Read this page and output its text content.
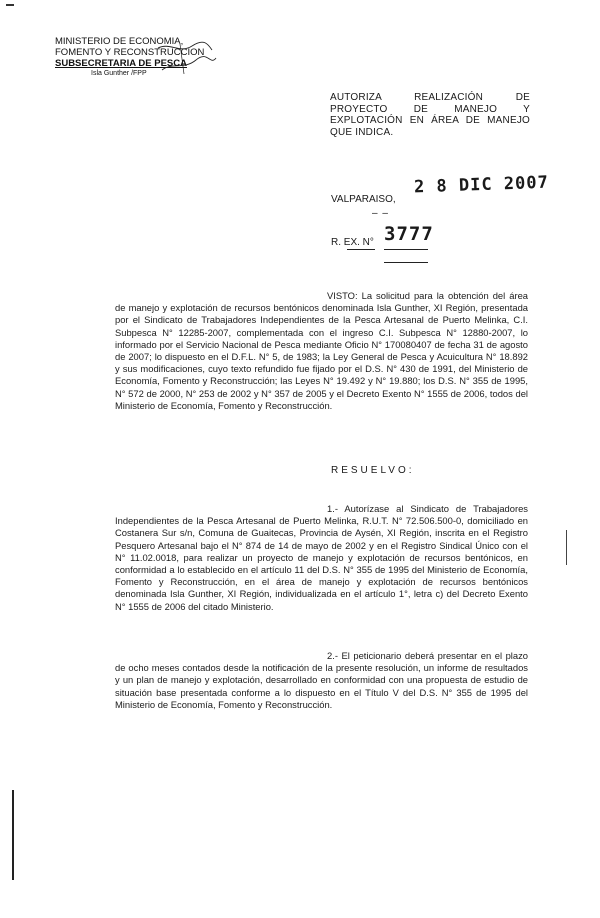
MINISTERIO DE ECONOMIA,
FOMENTO Y RECONSTRUCCION
SUBSECRETARIA DE PESCA
Isla Gunther /FPP
AUTORIZA REALIZACIÓN DE PROYECTO DE MANEJO Y EXPLOTACIÓN EN ÁREA DE MANEJO QUE INDICA.
VALPARAISO,
2 8 DIC 2007
– –
R. EX. N° 3777
VISTO: La solicitud para la obtención del área de manejo y explotación de recursos bentónicos denominada Isla Gunther, XI Región, presentada por el Sindicato de Trabajadores Independientes de la Pesca Artesanal de Puerto Melinka, C.I. Subpesca N° 12285-2007, complementada con el ingreso C.I. Subpesca N° 12880-2007, lo informado por el Servicio Nacional de Pesca mediante Oficio N° 170080407 de fecha 31 de agosto de 2007; lo dispuesto en el D.F.L. N° 5, de 1983; la Ley General de Pesca y Acuicultura N° 18.892 y sus modificaciones, cuyo texto refundido fue fijado por el D.S. N° 430 de 1991, del Ministerio de Economía, Fomento y Reconstrucción; las Leyes N° 19.492 y N° 19.880; los D.S. N° 355 de 1995, N° 572 de 2000, N° 253 de 2002 y N° 357 de 2005 y el Decreto Exento N° 1555 de 2006, todos del Ministerio de Economía, Fomento y Reconstrucción.
RESUELVO:
1.- Autorízase al Sindicato de Trabajadores Independientes de la Pesca Artesanal de Puerto Melinka, R.U.T. N° 72.506.500-0, domiciliado en Costanera Sur s/n, Comuna de Guaitecas, Provincia de Aysén, XI Región, inscrita en el Registro Pesquero Artesanal bajo el N° 874 de 14 de mayo de 2002 y en el Registro Sindical Único con el N° 11.02.0018, para realizar un proyecto de manejo y explotación de recursos bentónicos, en conformidad a lo establecido en el artículo 11 del D.S. N° 355 de 1995 del Ministerio de Economía, Fomento y Reconstrucción, en el área de manejo y explotación de recursos bentónicos denominada Isla Gunther, XI Región, individualizada en el artículo 1°, letra c) del Decreto Exento N° 1555 de 2006 del citado Ministerio.
2.- El peticionario deberá presentar en el plazo de ocho meses contados desde la notificación de la presente resolución, un informe de resultados y un plan de manejo y explotación, desarrollado en conformidad con una propuesta de estudio de situación base presentada conforme a lo dispuesto en el Título V del D.S. N° 355 de 1995 del Ministerio de Economía, Fomento y Reconstrucción.
